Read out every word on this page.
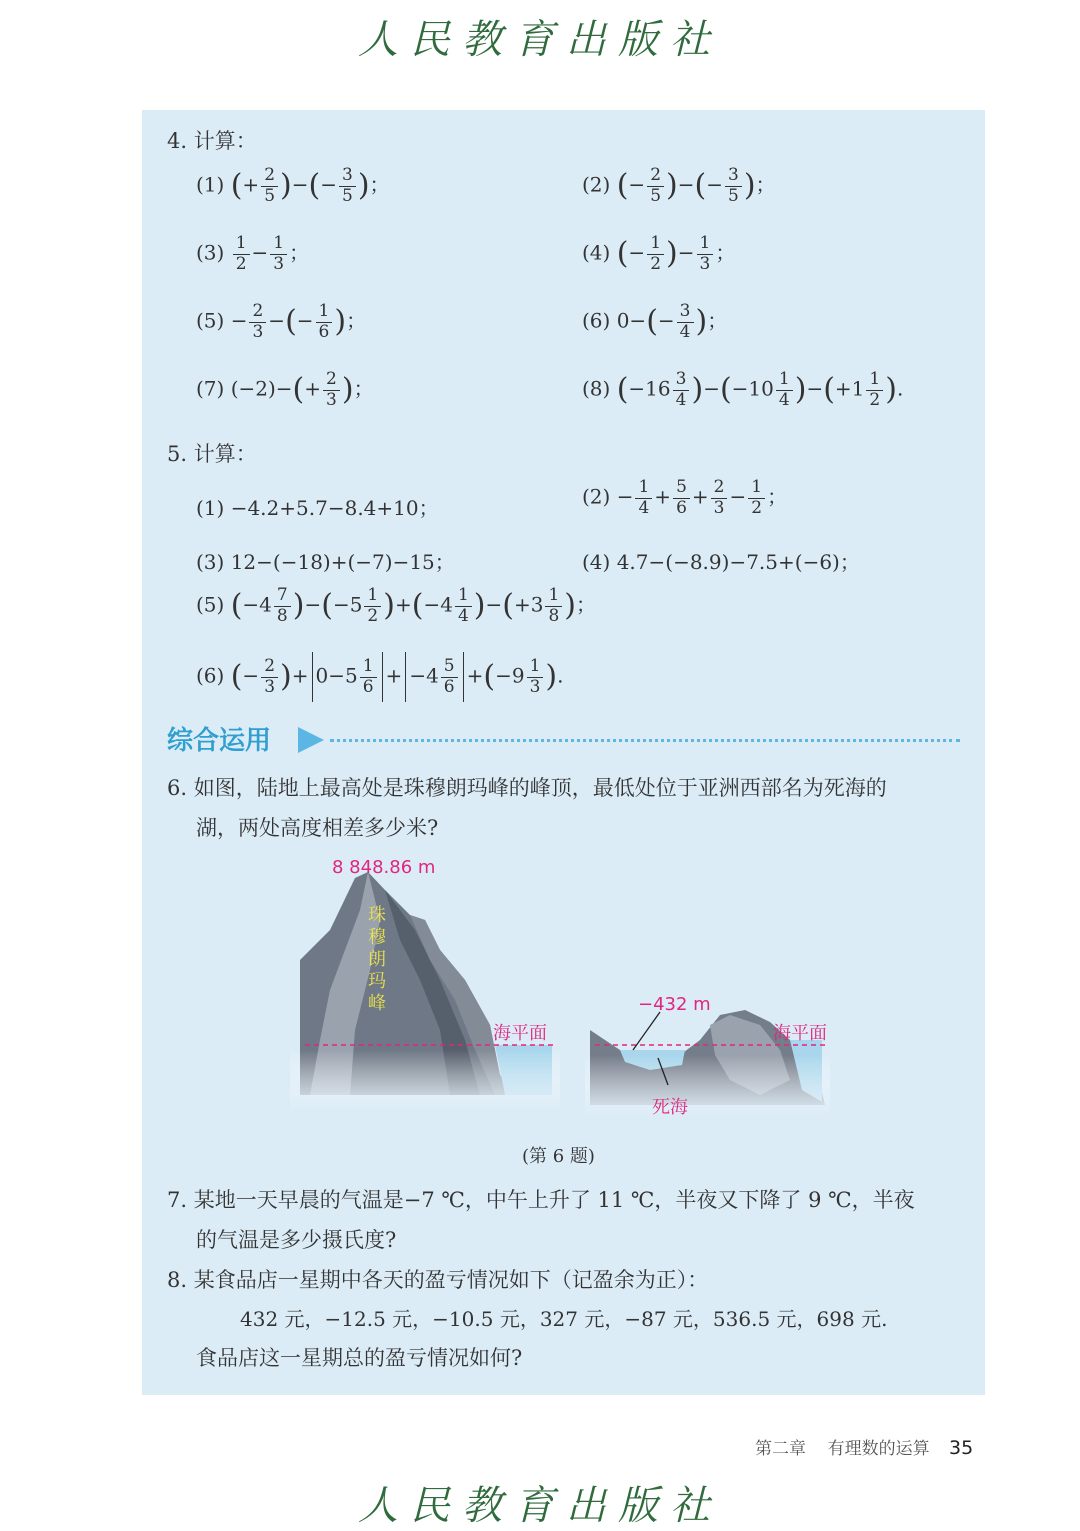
人民教育出版社
4. 计算：
(1) (+ $\frac{2}{5}$ )−(− $\frac{3}{5}$ )；	(2) (− $\frac{2}{5}$ )−(− $\frac{3}{5}$ )；
$(3) \frac{1}{2} - \frac{1}{3}$ ；	(4) (− $\frac{1}{2}$ )− $\frac{1}{3}$ ；
$(5) - \frac{2}{3}$ −(− $\frac{1}{6}$ )；	(6) $0-(- \frac{3}{4}$ )；
(7) $(-2)-(+ \frac{2}{3}$ )；	(8) $(-16 \frac{3}{4} )-(-10 \frac{1}{4} )-(+1 \frac{1}{2}$ ).
5. 计算：
(1) −4.2+5.7−8.4+10；	$(2) - \frac{1}{4} + \frac{5}{6} + \frac{2}{3} - \frac{1}{2}$ ；
(3) 12−(−18)+(−7)−15；	(4) 4.7−(−8.9)−7.5+(−6)；
(5) $(-4 \frac{7}{8} )-(-5 \frac{1}{2} )+(-4 \frac{1}{4} )-(+3 \frac{1}{8}$ )；
(6) (− $\frac{2}{3}$ )+ $0-5 \frac{1}{6} + -4 \frac{5}{6} +(-9 \frac{1}{3}$ ).
综合运用
6. 如图，陆地上最高处是珠穆朗玛峰的峰顶，最低处位于亚洲西部名为死海的
湖，两处高度相差多少米?
8 848.86 m
珠穆朗玛峰
海平面	海平面
−432 m
死海
(第 6 题)
7. 某地一天早晨的气温是−7 ℃，中午上升了 11 ℃，半夜又下降了 9 ℃，半夜
的气温是多少摄氏度?
8. 某食品店一星期中各天的盈亏情况如下（记盈余为正）：
432 元，−12.5 元，−10.5 元，327 元，−87 元，536.5 元，698 元.
食品店这一星期总的盈亏情况如何?
第二章 有理数的运算 35
人民教育出版社
